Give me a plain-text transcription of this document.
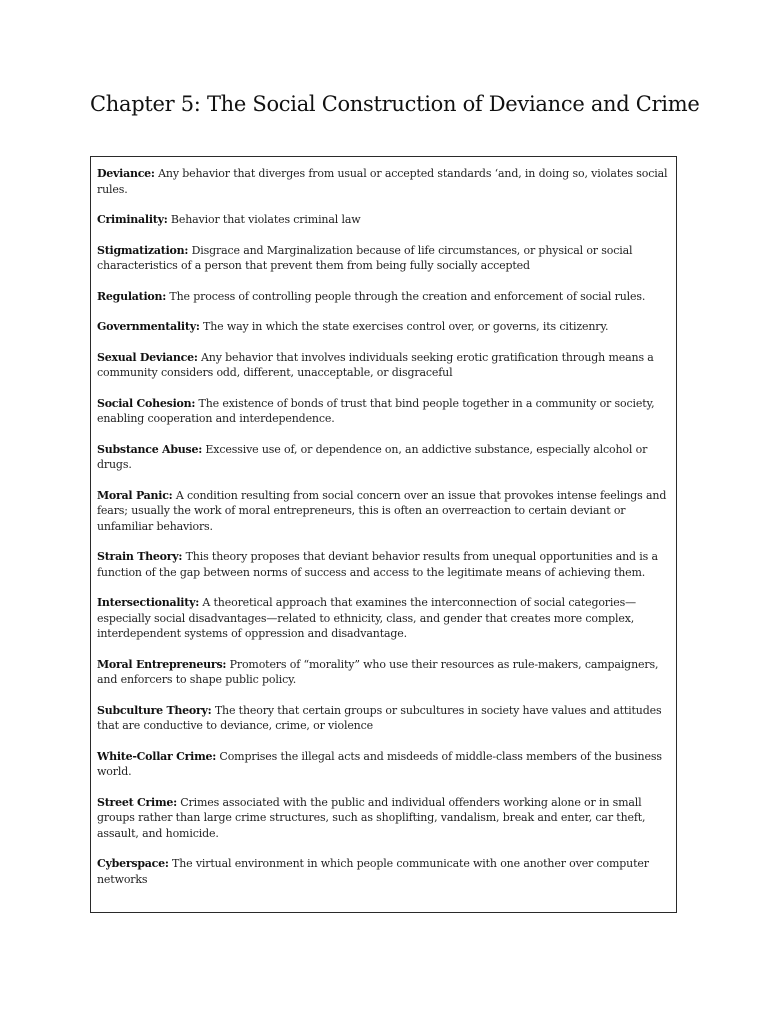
Chapter 5: The Social Construction of Deviance and Crime

Deviance: Any behavior that diverges from usual or accepted standards ‘and, in doing so, violates social rules.

Criminality: Behavior that violates criminal law

Stigmatization: Disgrace and Marginalization because of life circumstances, or physical or social characteristics of a person that prevent them from being fully socially accepted

Regulation: The process of controlling people through the creation and enforcement of social rules.

Governmentality: The way in which the state exercises control over, or governs, its citizenry.

Sexual Deviance: Any behavior that involves individuals seeking erotic gratification through means a community considers odd, different, unacceptable, or disgraceful

Social Cohesion: The existence of bonds of trust that bind people together in a community or society, enabling cooperation and interdependence.

Substance Abuse: Excessive use of, or dependence on, an addictive substance, especially alcohol or drugs.

Moral Panic: A condition resulting from social concern over an issue that provokes intense feelings and fears; usually the work of moral entrepreneurs, this is often an overreaction to certain deviant or unfamiliar behaviors.

Strain Theory: This theory proposes that deviant behavior results from unequal opportunities and is a function of the gap between norms of success and access to the legitimate means of achieving them.

Intersectionality: A theoretical approach that examines the interconnection of social categories—especially social disadvantages—related to ethnicity, class, and gender that creates more complex, interdependent systems of oppression and disadvantage.

Moral Entrepreneurs: Promoters of “morality” who use their resources as rule-makers, campaigners, and enforcers to shape public policy.

Subculture Theory: The theory that certain groups or subcultures in society have values and attitudes that are conductive to deviance, crime, or violence

White-Collar Crime: Comprises the illegal acts and misdeeds of middle-class members of the business world.

Street Crime: Crimes associated with the public and individual offenders working alone or in small groups rather than large crime structures, such as shoplifting, vandalism, break and enter, car theft, assault, and homicide.

Cyberspace: The virtual environment in which people communicate with one another over computer networks
